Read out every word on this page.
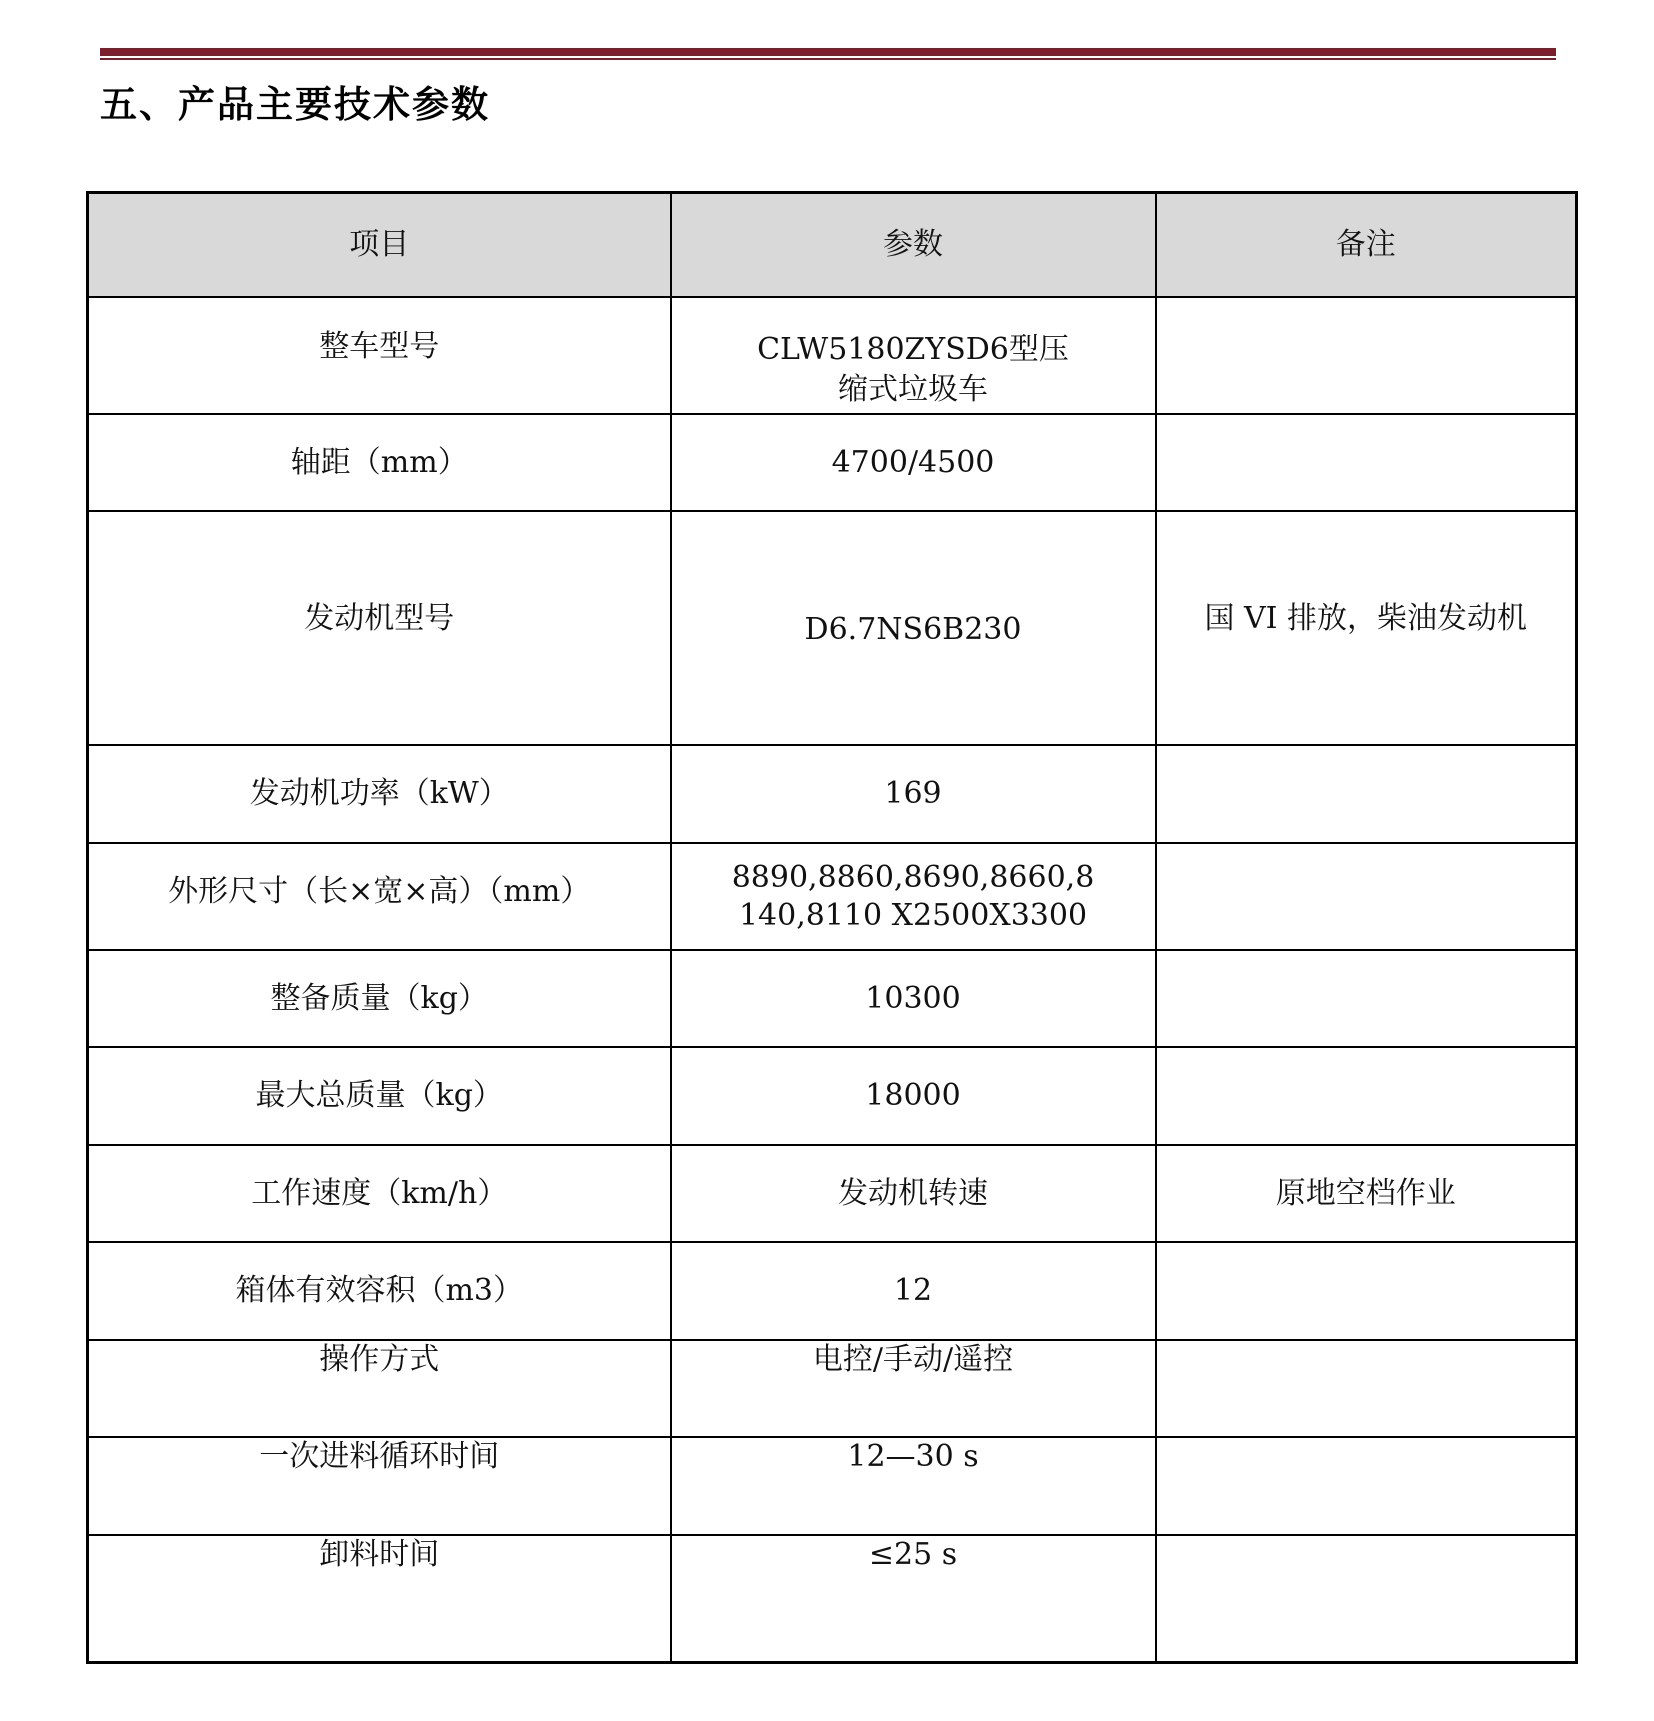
五、产品主要技术参数
项目	参数	备注
整车型号	CLW5180ZYSD6型压
缩式垃圾车	
轴距（mm）	4700/4500	
发动机型号	D6.7NS6B230	国 VI 排放，柴油发动机
发动机功率（kW）	169	
外形尺寸（长×宽×高）（mm）	8890,8860,8690,8660,8
140,8110 X2500X3300	
整备质量（kg）	10300	
最大总质量（kg）	18000	
工作速度（km/h）	发动机转速	原地空档作业
箱体有效容积（m3）	12	
操作方式	电控/手动/遥控	
一次进料循环时间	12—30 s	
卸料时间	≤25 s	
